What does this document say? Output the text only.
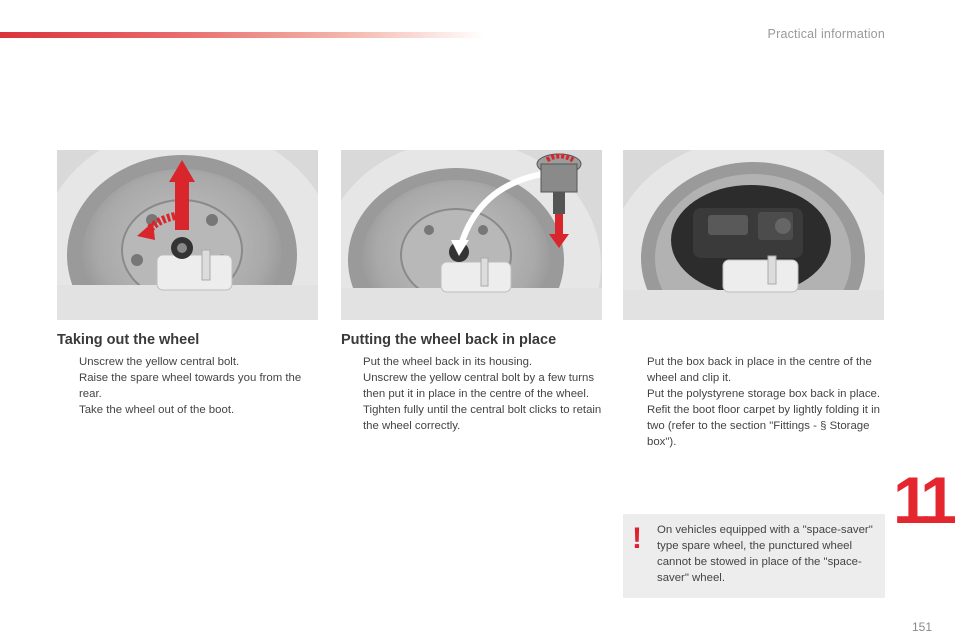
Practical information
Taking out the wheel
Unscrew the yellow central bolt.
Raise the spare wheel towards you from the rear.
Take the wheel out of the boot.
Putting the wheel back in place
Put the wheel back in its housing.
Unscrew the yellow central bolt by a few turns then put it in place in the centre of the wheel.
Tighten fully until the central bolt clicks to retain the wheel correctly.
Put the box back in place in the centre of the wheel and clip it.
Put the polystyrene storage box back in place.
Refit the boot floor carpet by lightly folding it in two (refer to the section "Fittings - § Storage box").
! On vehicles equipped with a "space-saver" type spare wheel, the punctured wheel cannot be stowed in place of the "space-saver" wheel.
11
151
